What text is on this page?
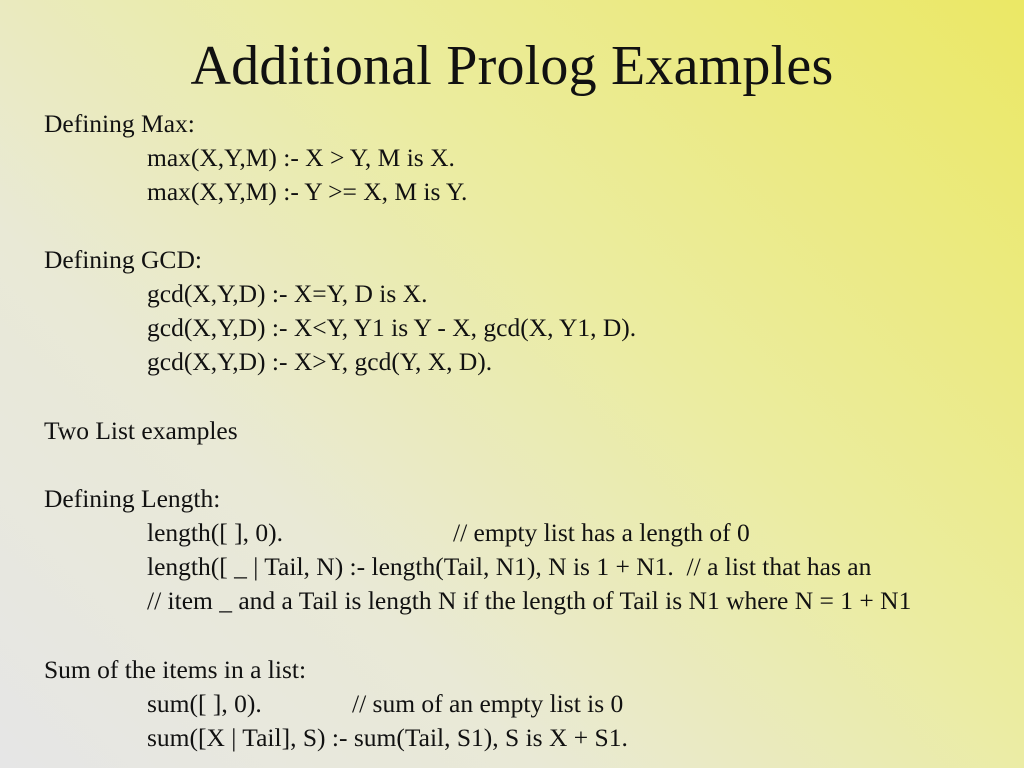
Additional Prolog Examples
Defining Max:
max(X,Y,M) :- X > Y, M is X.
max(X,Y,M) :- Y >= X, M is Y.
Defining GCD:
gcd(X,Y,D) :- X=Y, D is X.
gcd(X,Y,D) :- X<Y, Y1 is Y - X, gcd(X, Y1, D).
gcd(X,Y,D) :- X>Y, gcd(Y, X, D).
Two List examples
Defining Length:
length([ ], 0).	// empty list has a length of 0
length([ _ | Tail, N) :- length(Tail, N1), N is 1 + N1.  // a list that has an
// item _ and a Tail is length N if the length of Tail is N1 where N = 1 + N1
Sum of the items in a list:
sum([ ], 0).	// sum of an empty list is 0
sum([X | Tail], S) :- sum(Tail, S1), S is X + S1.
